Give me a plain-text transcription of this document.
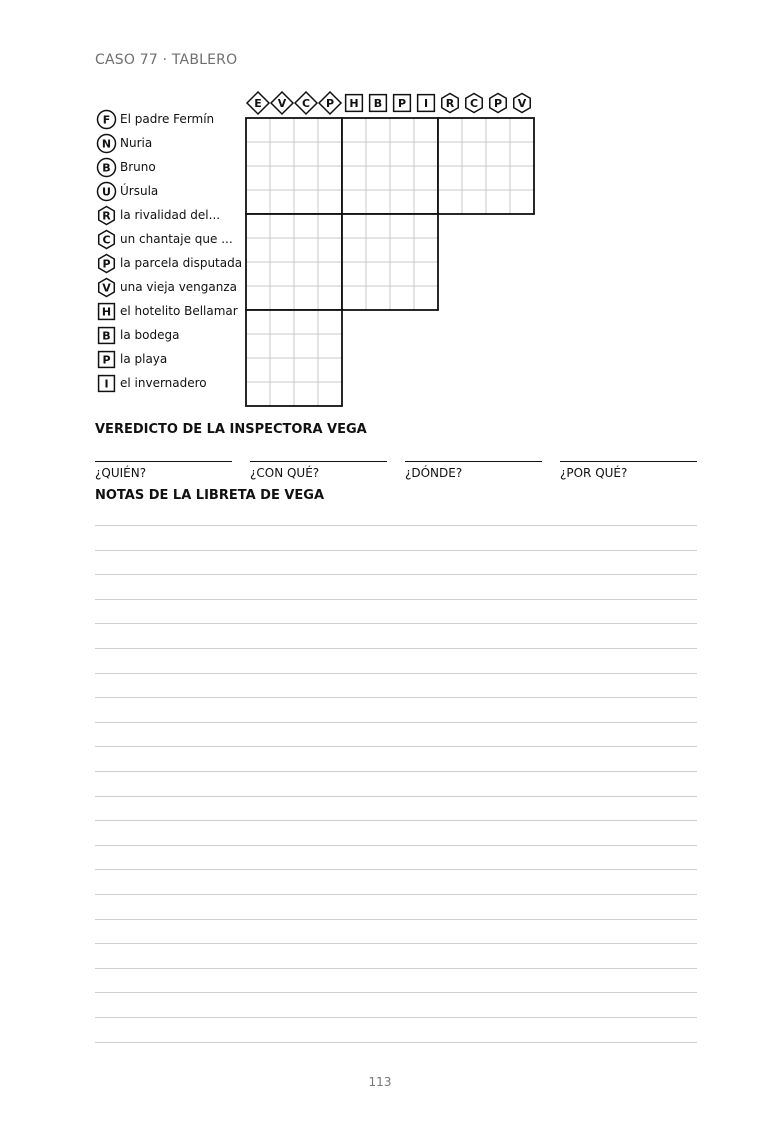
CASO 77 · TABLERO
E V C P H B P I R C P V
F El padre Fermín
N Nuria
B Bruno
U Úrsula
R la rivalidad del...
C un chantaje que ...
P la parcela disputada
V una vieja venganza
H el hotelito Bellamar
B la bodega
P la playa
I el invernadero
VEREDICTO DE LA INSPECTORA VEGA
¿QUIÉN?	¿CON QUÉ?	¿DÓNDE?	¿POR QUÉ?
NOTAS DE LA LIBRETA DE VEGA
113
